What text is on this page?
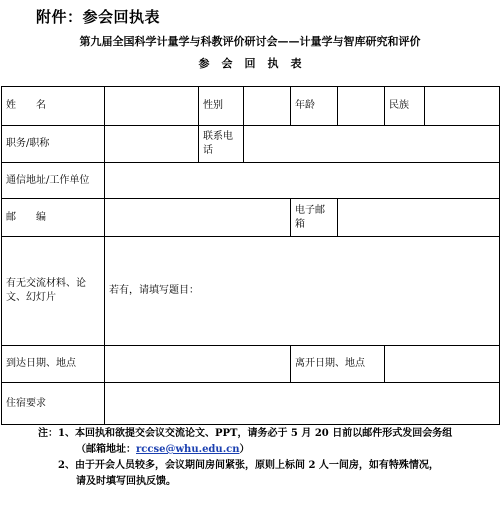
附件：参会回执表
第九届全国科学计量学与科教评价研讨会——计量学与智库研究和评价
参会回执表
姓　　名		性别		年龄		民族	
职务/职称		联系电话					
通信地址/工作单位							
邮　　编				电子邮箱			
有无交流材料、论文、幻灯片	若有，请填写题目：						
到达日期、地点				离开日期、地点			
住宿要求							
注：1、本回执和欲提交会议交流论文、PPT，请务必于 5 月 20 日前以邮件形式发回会务组
（邮箱地址：rccse@whu.edu.cn）
2、由于开会人员较多，会议期间房间紧张，原则上标间 2 人一间房，如有特殊情况，
请及时填写回执反馈。
